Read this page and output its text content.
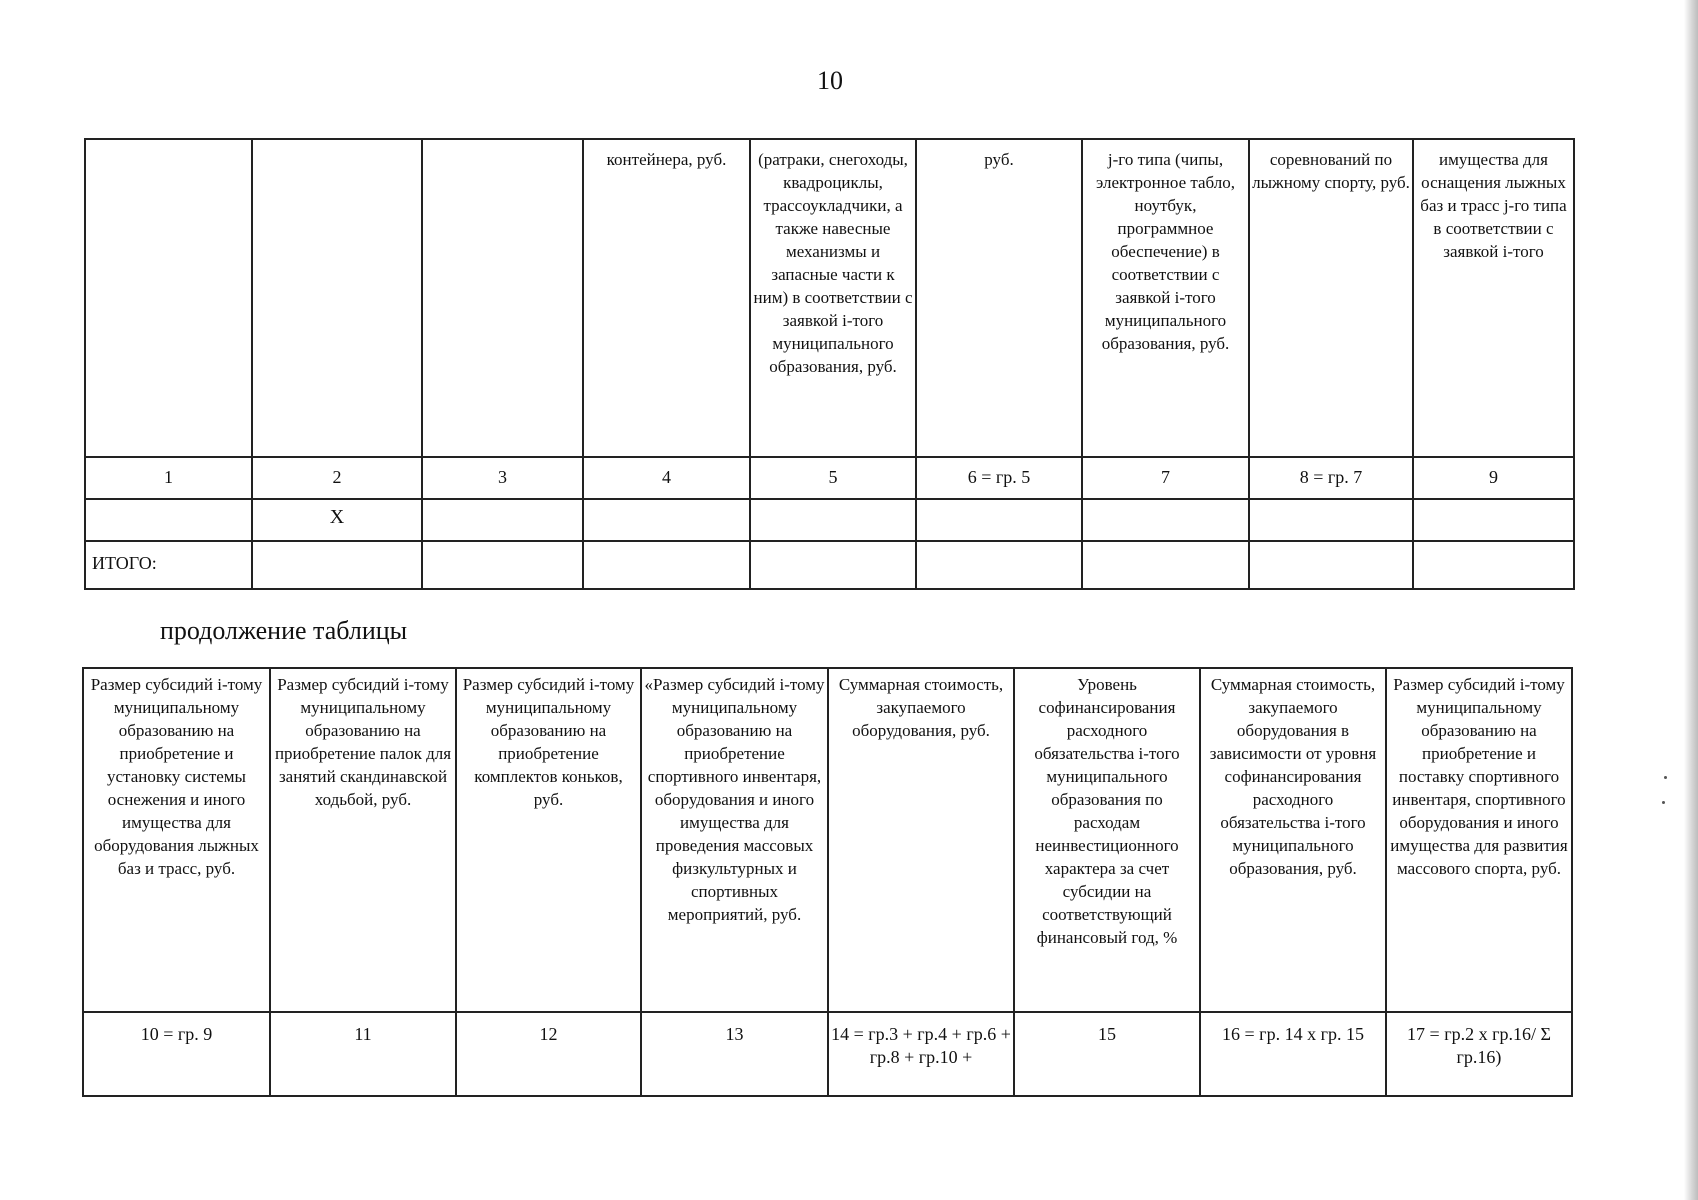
10
			контейнера, руб.	(ратраки, снегоходы, квадроциклы, трассоукладчики, а также навесные механизмы и запасные части к ним) в соответствии с заявкой i-того муниципального образования, руб.	руб.	j-го типа (чипы, электронное табло, ноутбук, программное обеспечение) в соответствии с заявкой i-того муниципального образования, руб.	соревнований по лыжному спорту, руб.	имущества для оснащения лыжных баз и трасс j-го типа в соответствии с заявкой i-того
1	2	3	4	5	6 = гр. 5	7	8 = гр. 7	9
	Х							
ИТОГО:								
продолжение таблицы
Размер субсидий i-тому муниципальному образованию на приобретение и установку системы оснежения и иного имущества для оборудования лыжных баз и трасс, руб.	Размер субсидий i-тому муниципальному образованию на приобретение палок для занятий скандинавской ходьбой, руб.	Размер субсидий i-тому муниципальному образованию на приобретение комплектов коньков, руб.	«Размер субсидий i-тому муниципальному образованию на приобретение спортивного инвентаря, оборудования и иного имущества для проведения массовых физкультурных и спортивных мероприятий, руб.	Суммарная стоимость, закупаемого оборудования, руб.	Уровень софинансирования расходного обязательства i-того муниципального образования по расходам неинвестиционного характера за счет субсидии на соответствующий финансовый год, %	Суммарная стоимость, закупаемого оборудования в зависимости от уровня софинансирования расходного обязательства i-того муниципального образования, руб.	Размер субсидий i-тому муниципальному образованию на приобретение и поставку спортивного инвентаря, спортивного оборудования и иного имущества для развития массового спорта, руб.
10 = гр. 9	11	12	13	14 = гр.3 + гр.4 + гр.6 + гр.8 + гр.10 +	15	16 = гр. 14 х гр. 15	17 = гр.2 х гр.16/ Σ гр.16)
